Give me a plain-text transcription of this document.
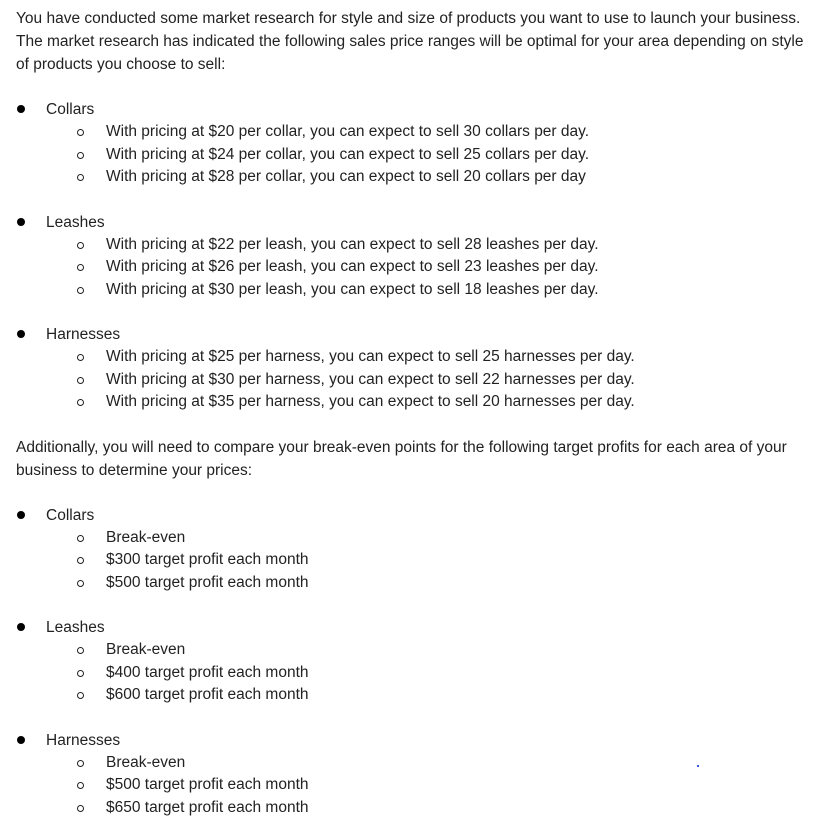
You have conducted some market research for style and size of products you want to use to launch your business. The market research has indicated the following sales price ranges will be optimal for your area depending on style of products you choose to sell:

Collars
With pricing at $20 per collar, you can expect to sell 30 collars per day.
With pricing at $24 per collar, you can expect to sell 25 collars per day.
With pricing at $28 per collar, you can expect to sell 20 collars per day
Leashes
With pricing at $22 per leash, you can expect to sell 28 leashes per day.
With pricing at $26 per leash, you can expect to sell 23 leashes per day.
With pricing at $30 per leash, you can expect to sell 18 leashes per day.
Harnesses
With pricing at $25 per harness, you can expect to sell 25 harnesses per day.
With pricing at $30 per harness, you can expect to sell 22 harnesses per day.
With pricing at $35 per harness, you can expect to sell 20 harnesses per day.

Additionally, you will need to compare your break-even points for the following target profits for each area of your business to determine your prices:

Collars
Break-even
$300 target profit each month
$500 target profit each month
Leashes
Break-even
$400 target profit each month
$600 target profit each month
Harnesses
Break-even
$500 target profit each month
$650 target profit each month
